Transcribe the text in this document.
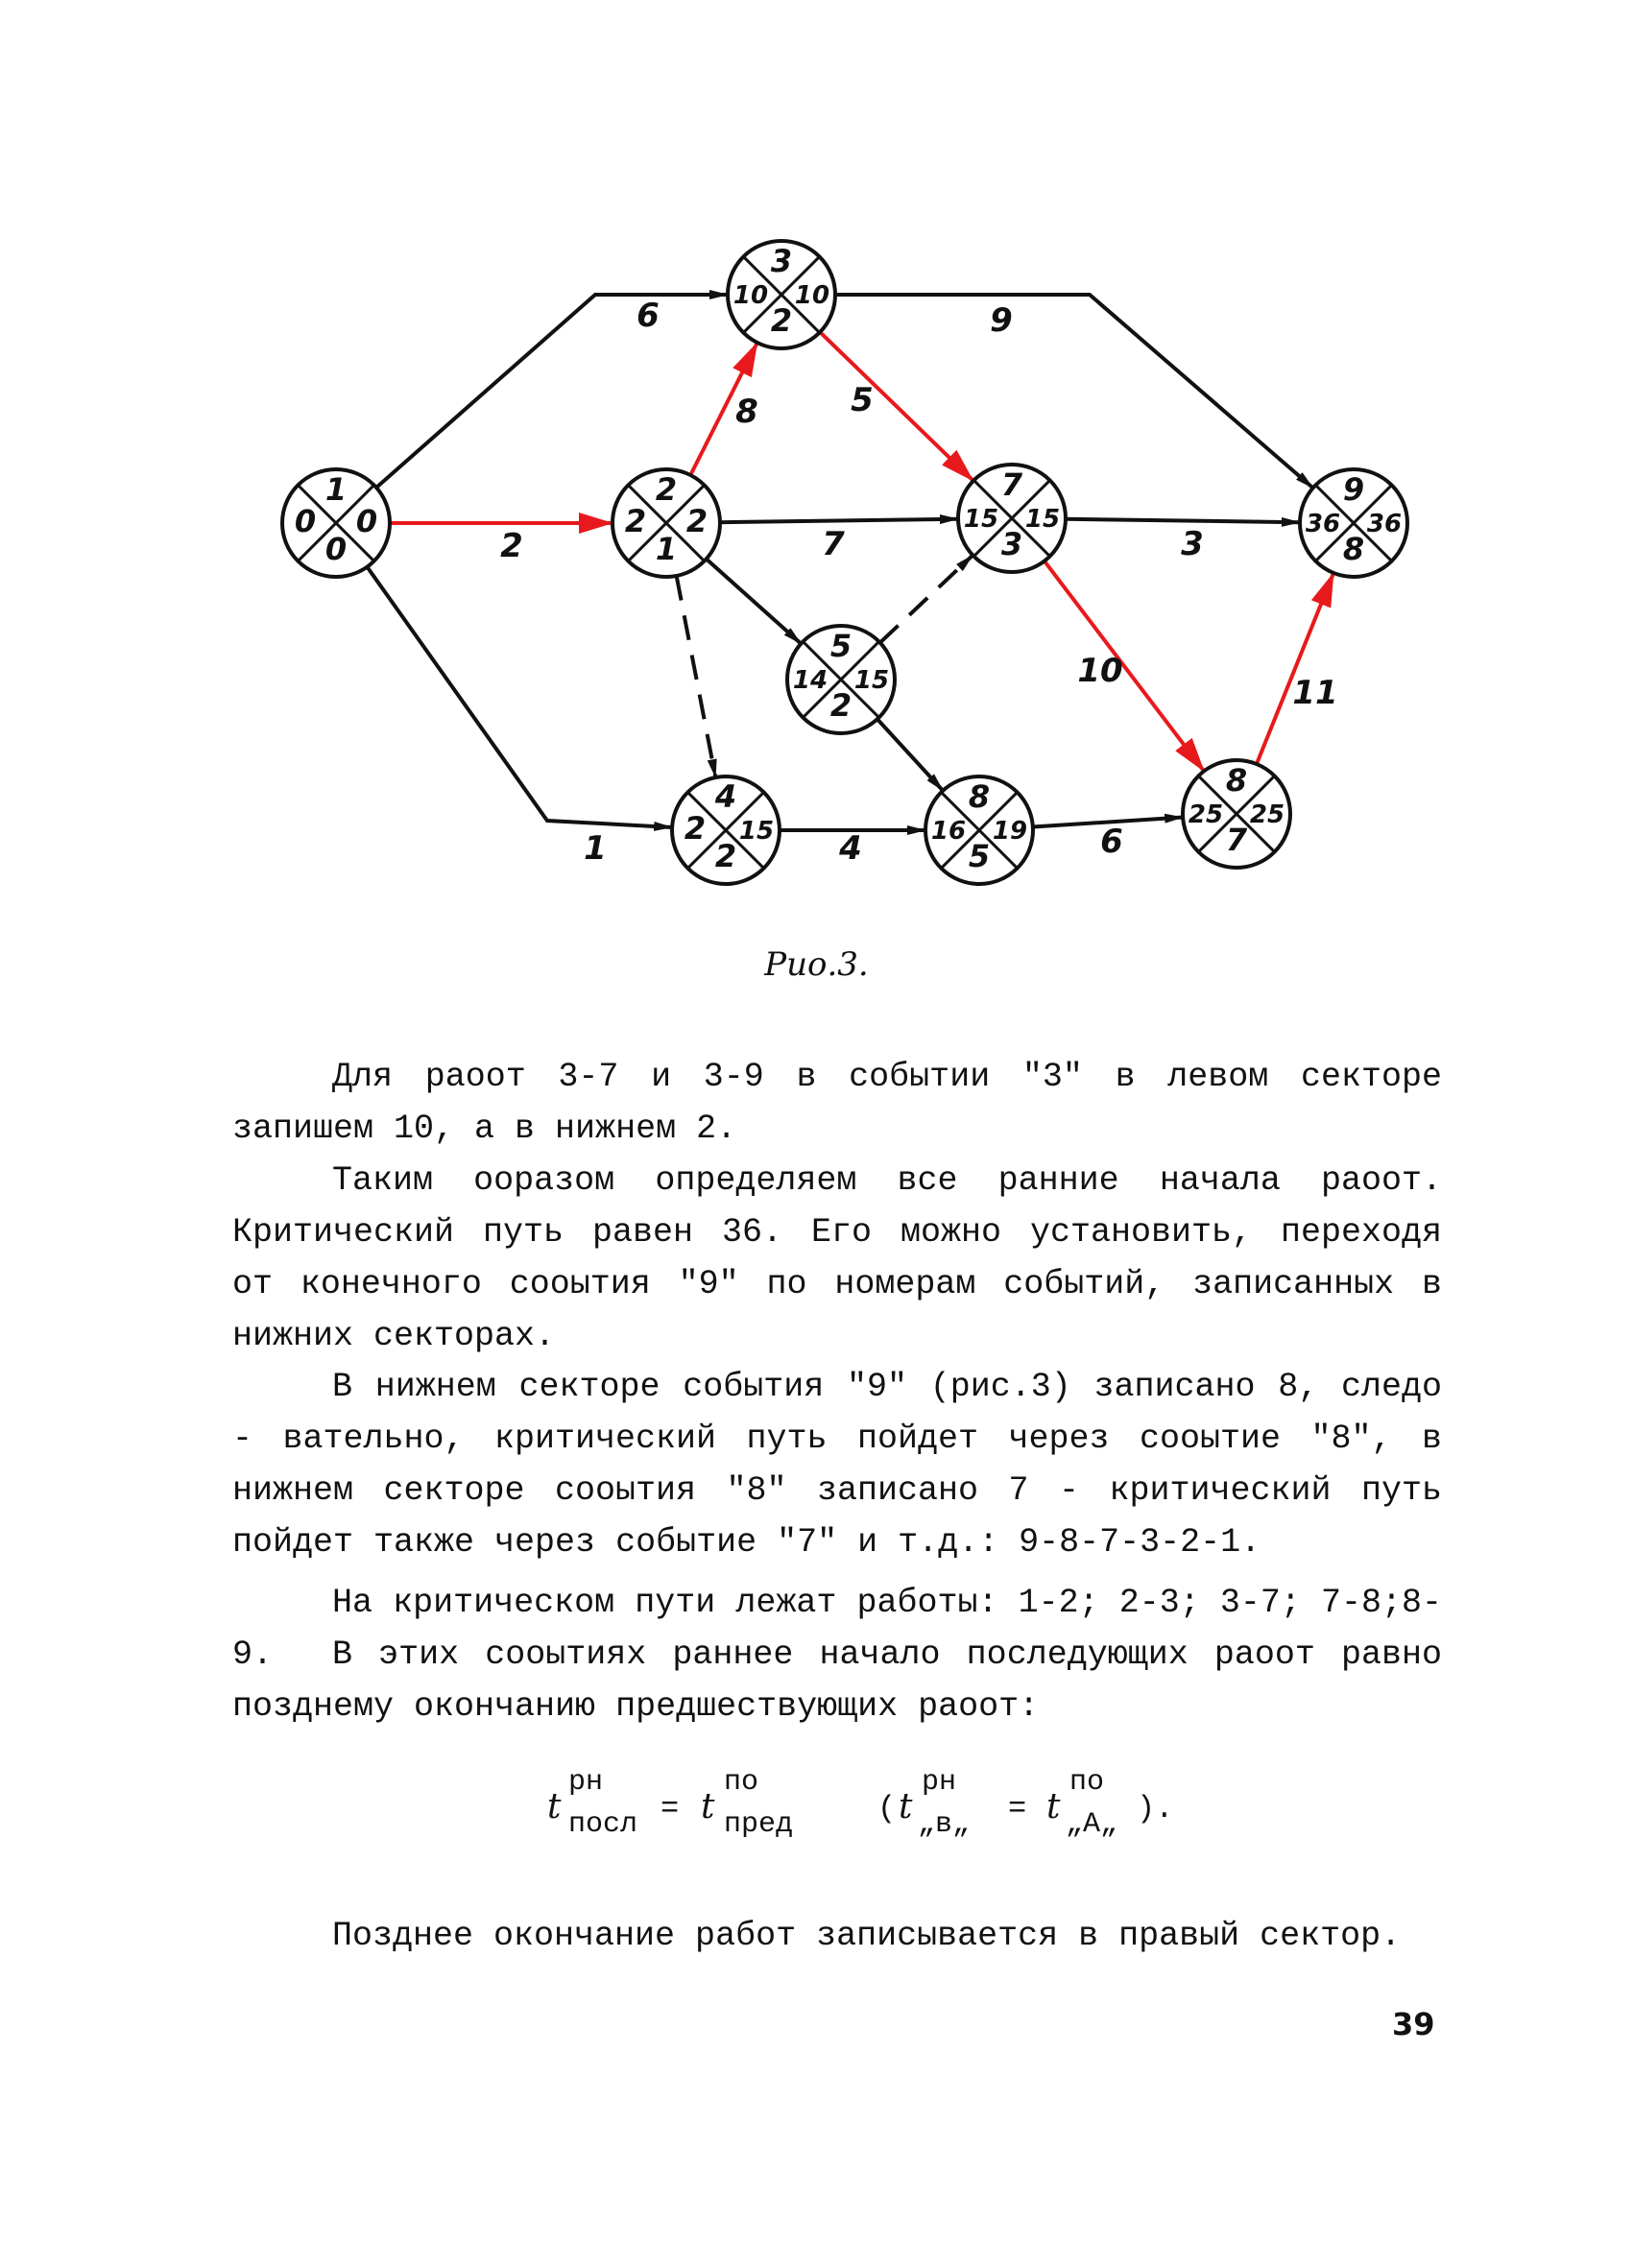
6
2
1
8
7
5
9
4
3
10
6
11
1
0
0 0
2
1
2 2
3
2
10 10
4
2
2 15
5
2
14 15
8
5
16 19
7
3
15 15
8
7
25 25
9
8
36 36
Рио.3.

Для раоот 3-7 и 3-9 в событии "3" в левом секторе запишем 10, а в нижнем 2.

Таким ооразом определяем все ранние начала раоот. Критический путь равен 36. Его можно установить, переходя от конечного сооытия "9" по номерам событий, записанных в нижних секторах.

В нижнем секторе события "9" (рис.3) записано 8, следо - вательно, критический путь пойдет через сооытие "8", в нижнем секторе сооытия "8" записано 7 - критический путь пойдет также через событие "7" и т.д.: 9-8-7-3-2-1.

На критическом пути лежат работы: 1-2; 2-3; 3-7; 7-8;8-9.	В этих сооытиях раннее начало последующих раоот равно позднему окончанию предшествующих раоот:

t
рн
посл = t
по
пред	( t
рн
„в„ = t
по
„А„ ).

Позднее окончание работ записывается в правый сектор.

39
